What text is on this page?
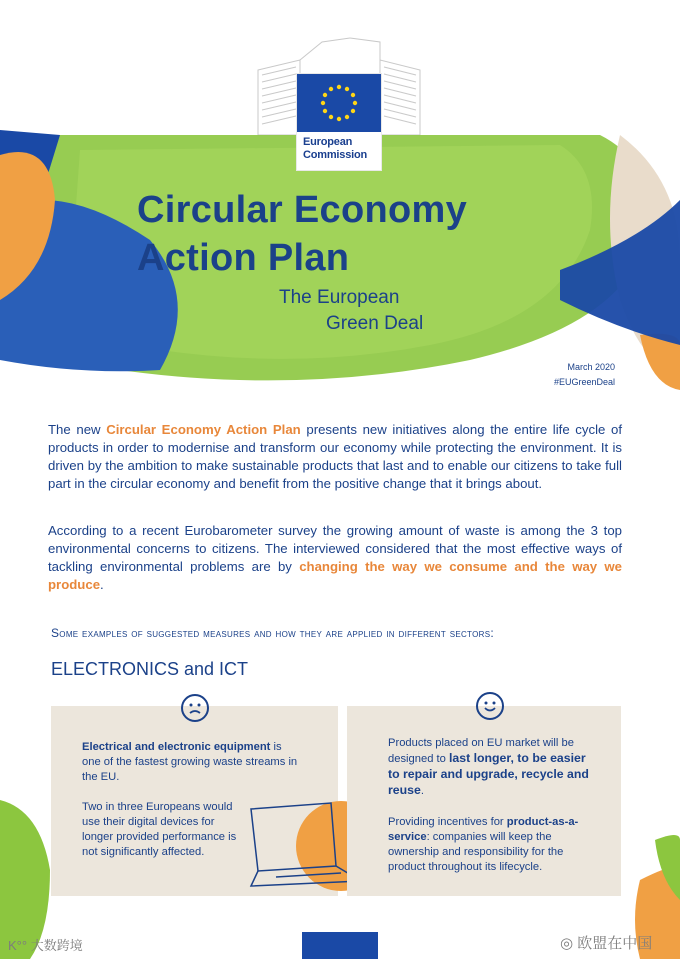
European
Commission
Circular Economy
Action Plan
The European
Green Deal
March 2020
#EUGreenDeal
The new Circular Economy Action Plan presents new initiatives along the entire life cycle of products in order to modernise and transform our economy while protecting the environment. It is driven by the ambition to make sustainable products that last and to enable our citizens to take full part in the circular economy and benefit from the positive change that it brings about.
According to a recent Eurobarometer survey the growing amount of waste is among the 3 top environmental concerns to citizens. The interviewed considered that the most effective ways of tackling environmental problems are by changing the way we consume and the way we produce.
Some examples of suggested measures and how they are applied in different sectors:
ELECTRONICS and ICT
Electrical and electronic equipment is one of the fastest growing waste streams in the EU.
Two in three Europeans would use their digital devices for longer provided performance is not significantly affected.
Products placed on EU market will be designed to last longer, to be easier to repair and upgrade, recycle and reuse.
Providing incentives for product-as-a-service: companies will keep the ownership and responsibility for the product throughout its lifecycle.
K°° 大数跨境	◎ 欧盟在中国
